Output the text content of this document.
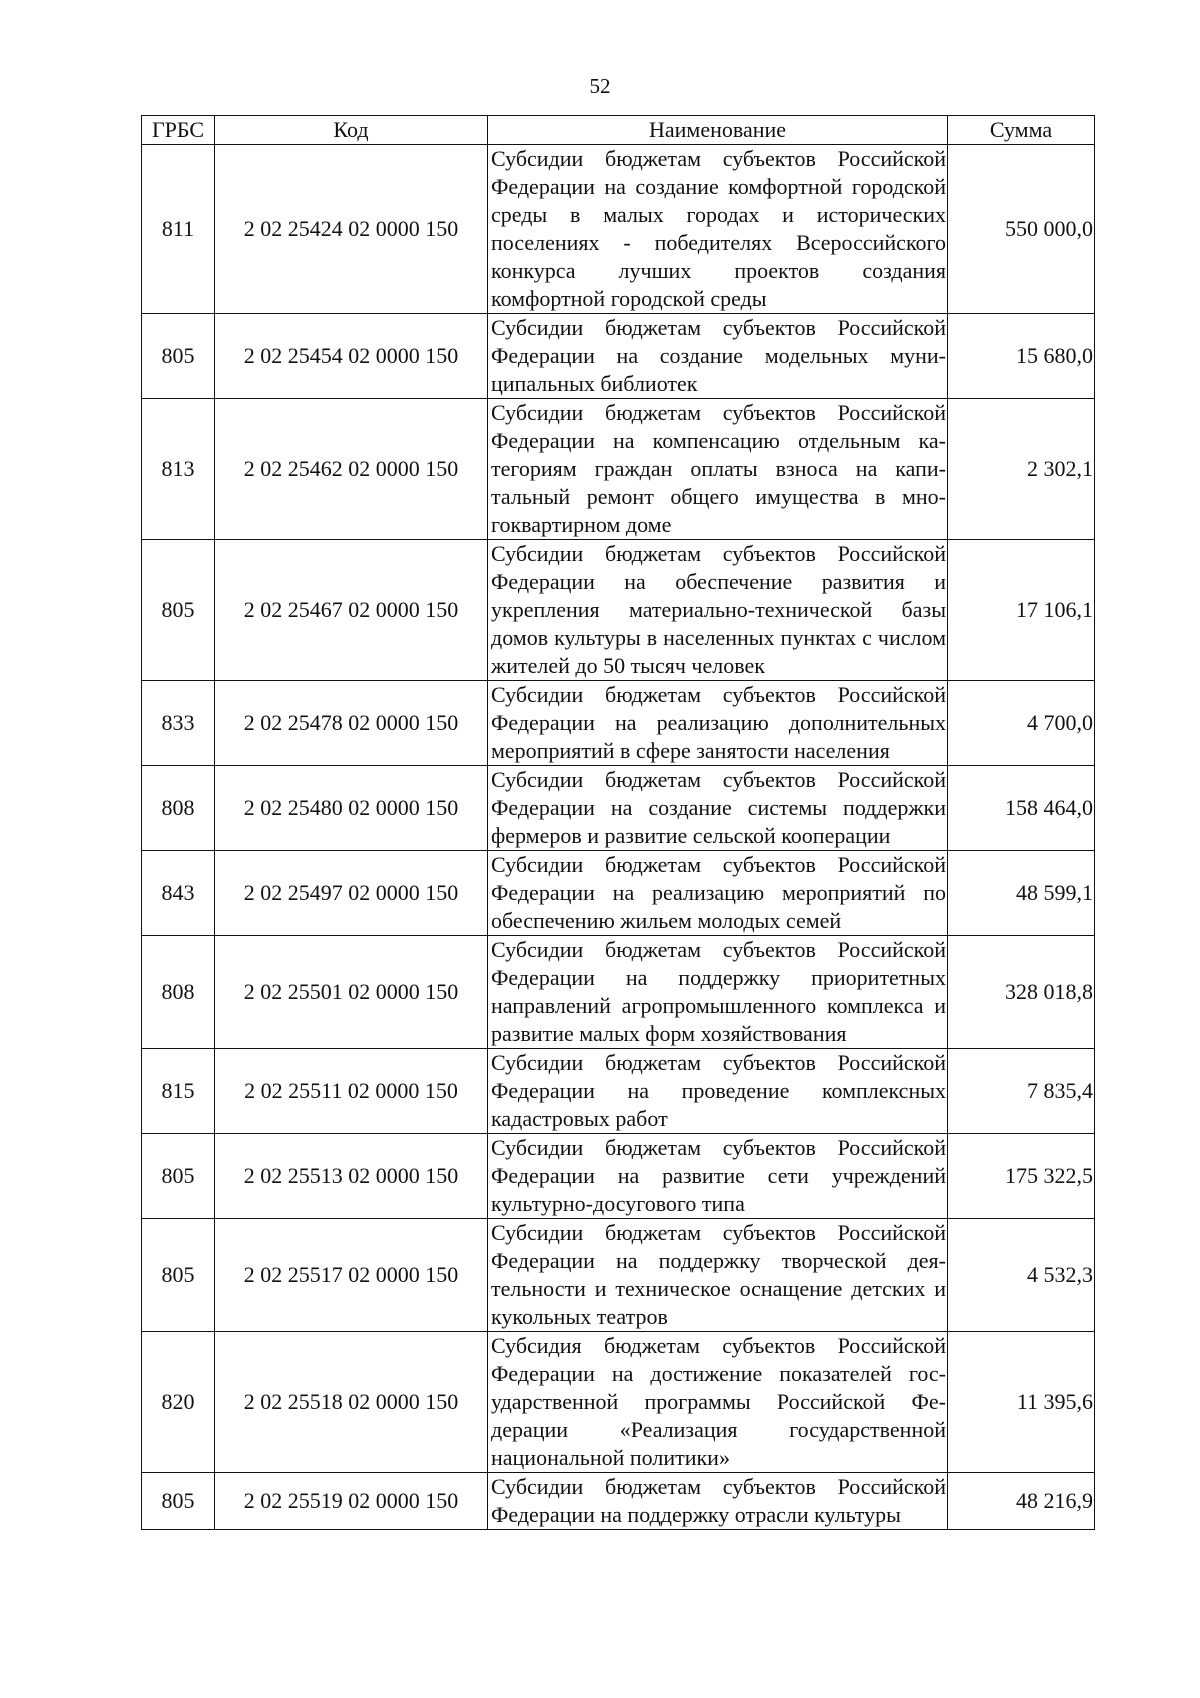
52
ГРБС	Код	Наименование	Сумма
811	2 02 25424 02 0000 150	Субсидии бюджетам субъектов Российской Федерации на создание комфортной городской среды в малых городах и исторических поселениях - победителях Всероссийского конкурса лучших проектов создания комфортной городской среды	550 000,0
805	2 02 25454 02 0000 150	Субсидии бюджетам субъектов Российской Федерации на создание модельных муниципальных библиотек	15 680,0
813	2 02 25462 02 0000 150	Субсидии бюджетам субъектов Российской Федерации на компенсацию отдельным категориям граждан оплаты взноса на капитальный ремонт общего имущества в многоквартирном доме	2 302,1
805	2 02 25467 02 0000 150	Субсидии бюджетам субъектов Российской Федерации на обеспечение развития и укрепления материально-технической базы домов культуры в населенных пунктах с числом жителей до 50 тысяч человек	17 106,1
833	2 02 25478 02 0000 150	Субсидии бюджетам субъектов Российской Федерации на реализацию дополнительных мероприятий в сфере занятости населения	4 700,0
808	2 02 25480 02 0000 150	Субсидии бюджетам субъектов Российской Федерации на создание системы поддержки фермеров и развитие сельской кооперации	158 464,0
843	2 02 25497 02 0000 150	Субсидии бюджетам субъектов Российской Федерации на реализацию мероприятий по обеспечению жильем молодых семей	48 599,1
808	2 02 25501 02 0000 150	Субсидии бюджетам субъектов Российской Федерации на поддержку приоритетных направлений агропромышленного комплекса и развитие малых форм хозяйствования	328 018,8
815	2 02 25511 02 0000 150	Субсидии бюджетам субъектов Российской Федерации на проведение комплексных кадастровых работ	7 835,4
805	2 02 25513 02 0000 150	Субсидии бюджетам субъектов Российской Федерации на развитие сети учреждений культурно-досугового типа	175 322,5
805	2 02 25517 02 0000 150	Субсидии бюджетам субъектов Российской Федерации на поддержку творческой деятельности и техническое оснащение детских и кукольных театров	4 532,3
820	2 02 25518 02 0000 150	Субсидия бюджетам субъектов Российской Федерации на достижение показателей государственной программы Российской Федерации «Реализация государственной национальной политики»	11 395,6
805	2 02 25519 02 0000 150	Субсидии бюджетам субъектов Российской Федерации на поддержку отрасли культуры	48 216,9
